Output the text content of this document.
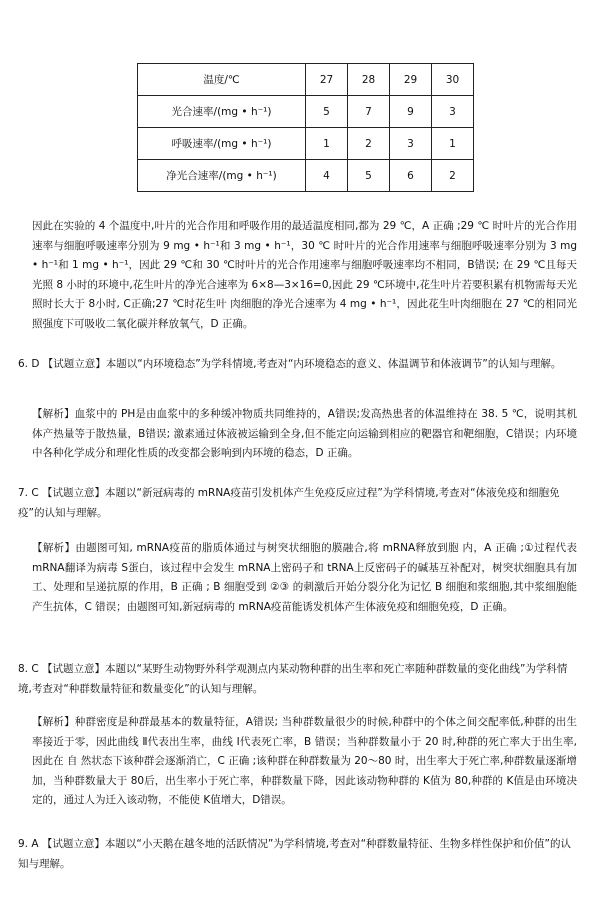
温度/℃	27	28	29	30
光合速率/(mg • h⁻¹)	5	7	9	3
呼吸速率/(mg • h⁻¹)	1	2	3	1
净光合速率/(mg • h⁻¹)	4	5	6	2
因此在实验的 4 个温度中,叶片的光合作用和呼吸作用的最适温度相同,都为 29 ℃，A 正确 ;29 ℃ 时叶片的光合作用速率与细胞呼吸速率分别为 9 mg • h⁻¹和 3 mg • h⁻¹，30 ℃ 时叶片的光合作用速率与细胞呼吸速率分别为 3 mg • h⁻¹和 1 mg • h⁻¹，因此 29 ℃和 30 ℃时叶片的光合作用速率与细胞呼吸速率均不相同，B错误; 在 29 ℃且每天光照 8 小时的环境中,花生叶片的净光合速率为 6×8—3×16=0,因此 29 ℃环境中,花生叶片若要积累有机物需每天光照时长大于 8小时, C正确;27 ℃时花生叶 肉细胞的净光合速率为 4 mg • h⁻¹，因此花生叶肉细胞在 27 ℃的相同光照强度下可吸收二氧化碳并释放氧气，D 正确。
6. D 【试题立意】本题以“内环境稳态”为学科情境,考查对“内环境稳态的意义、体温调节和体液调节”的认知与理解。
【解析】血浆中的 PH是由血浆中的多种缓冲物质共同维持的，A错误;发高热患者的体温维持在 38. 5 ℃，说明其机 体产热量等于散热量，B错误; 激素通过体液被运输到全身,但不能定向运输到相应的靶器官和靶细胞，C错误；内环境中各种化学成分和理化性质的改变都会影响到内环境的稳态，D 正确。
7. C 【试题立意】本题以“新冠病毒的 mRNA疫苗引发机体产生免疫反应过程”为学科情境,考查对“体液免疫和细胞免疫”的认知与理解。
【解析】由题图可知, mRNA疫苗的脂质体通过与树突状细胞的膜融合,将 mRNA释放到胞 内，A 正确 ;①过程代表 mRNA翻译为病毒 S蛋白，该过程中会发生 mRNA上密码子和 tRNA上反密码子的碱基互补配对，树突状细胞具有加工、处理和呈递抗原的作用，B 正确 ; B 细胞受到 ②③ 的刺激后开始分裂分化为记忆 B 细胞和浆细胞,其中浆细胞能产生抗体，C 错误；由题图可知,新冠病毒的 mRNA疫苗能诱发机体产生体液免疫和细胞免疫，D 正确。
8. C 【试题立意】本题以“某野生动物野外科学观测点内某动物种群的出生率和死亡率随种群数量的变化曲线”为学科情境,考查对“种群数量特征和数量变化”的认知与理解。
【解析】种群密度是种群最基本的数量特征，A错误; 当种群数量很少的时候,种群中的个体之间交配率低,种群的出生率接近于零，因此曲线 Ⅱ代表出生率，曲线 Ⅰ代表死亡率，B 错误；当种群数量小于 20 时,种群的死亡率大于出生率,因此在 自 然状态下该种群会逐渐消亡，C 正确 ;该种群在种群数量为 20～80 时，出生率大于死亡率,种群数量逐渐增加，当种群数量大于 80后，出生率小于死亡率，种群数量下降，因此该动物种群的 K值为 80,种群的 K值是由环境决定的，通过人为迁入该动物，不能使 K值增大，D错误。
9. A 【试题立意】本题以“小天鹅在越冬地的活跃情况”为学科情境,考查对“种群数量特征、生物多样性保护和价值”的认知与理解。
